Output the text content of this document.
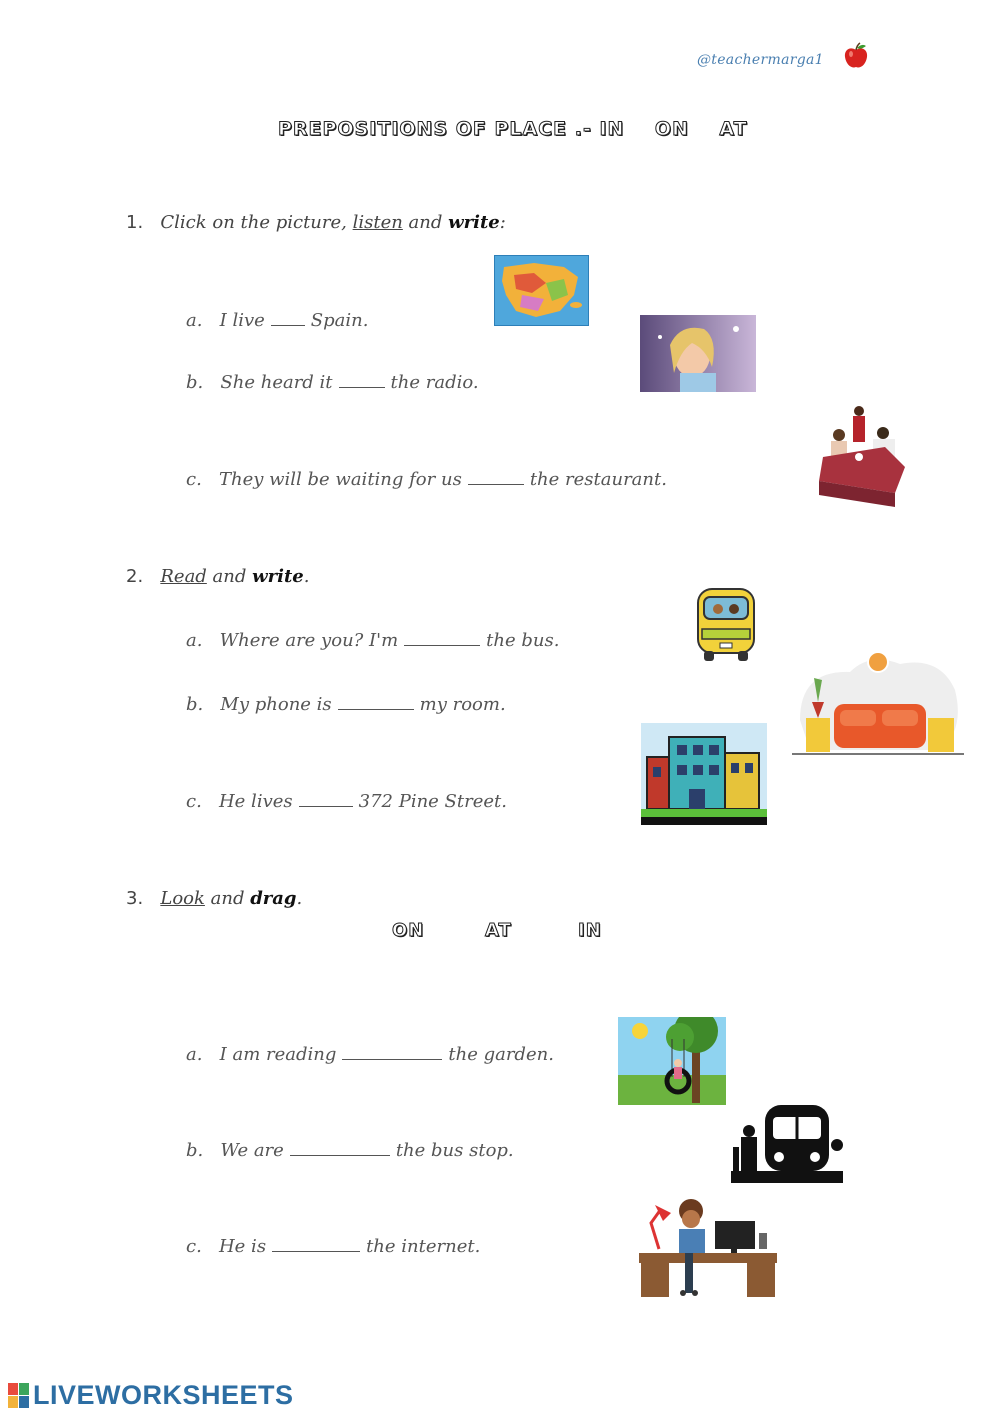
@teachermarga1
PREPOSITIONS OF PLACE .- IN    ON    AT
1. Click on the picture, listen and write:
a. I live	Spain.
b. She heard it	the radio.
c. They will be waiting for us	the restaurant.
2. Read and write.
a. Where are you? I'm	the bus.
b. My phone is	my room.
c. He lives	372 Pine Street.
3. Look and drag.
ON	AT	IN
a. I am reading	the garden.
b. We are	the bus stop.
c. He is	the internet.
LIVEWORKSHEETS
